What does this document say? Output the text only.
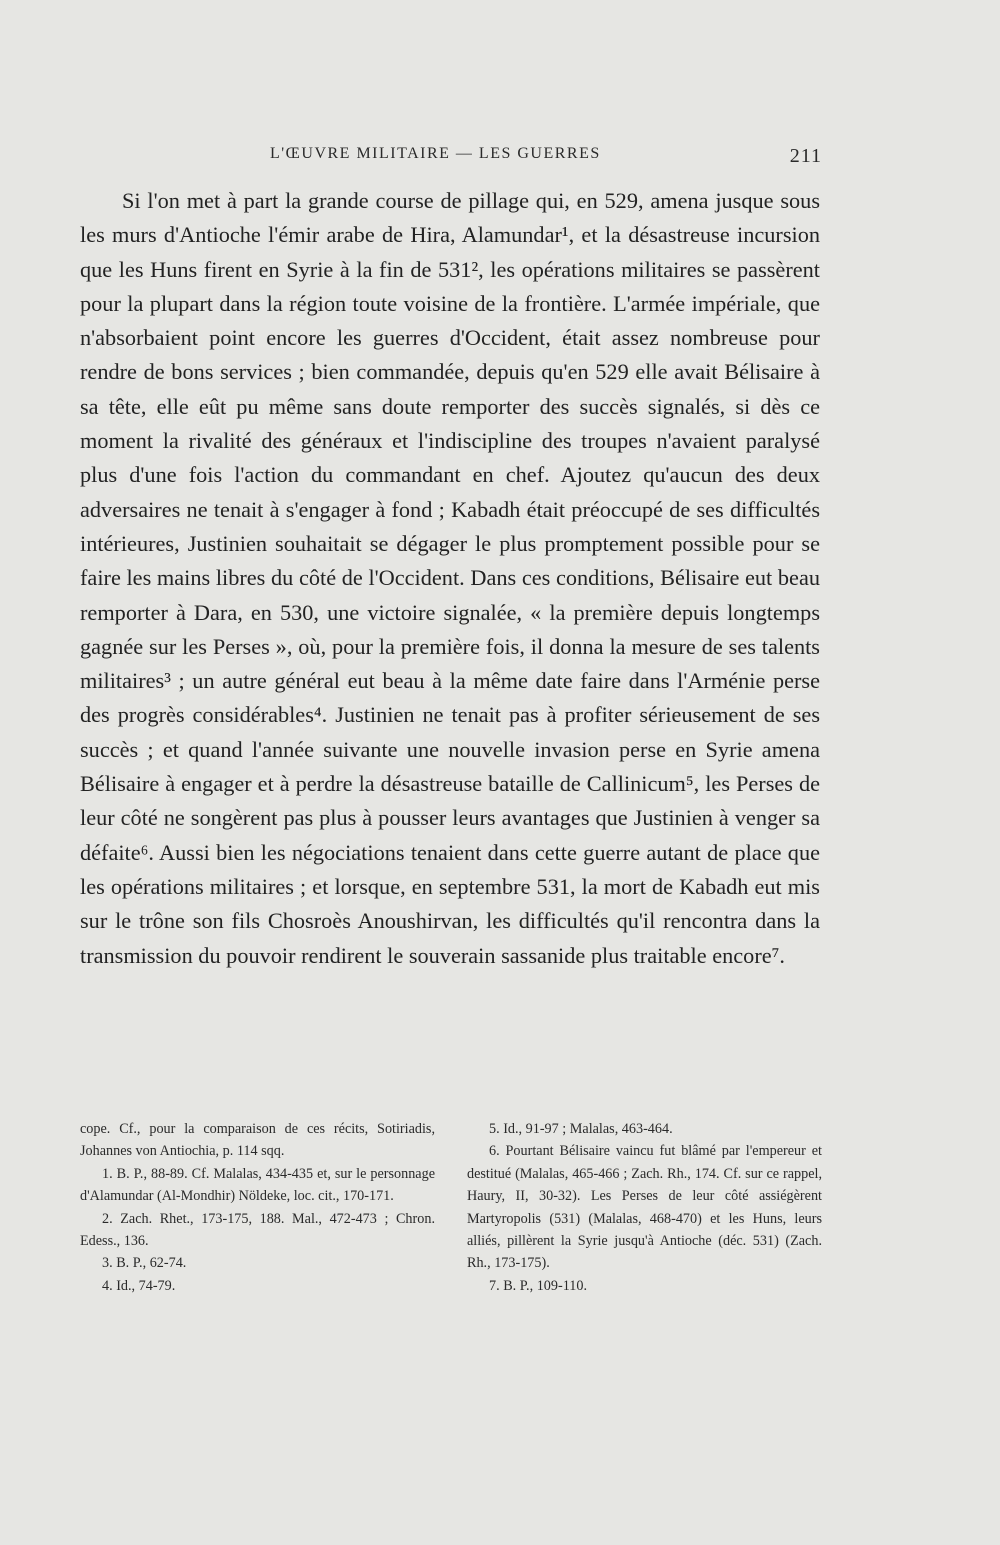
L'ŒUVRE MILITAIRE — LES GUERRES	211

Si l'on met à part la grande course de pillage qui, en 529, amena jusque sous les murs d'Antioche l'émir arabe de Hira, Alamundar¹, et la désastreuse incursion que les Huns firent en Syrie à la fin de 531², les opérations militaires se passèrent pour la plupart dans la région toute voisine de la frontière. L'armée impériale, que n'absorbaient point encore les guerres d'Occident, était assez nombreuse pour rendre de bons services ; bien commandée, depuis qu'en 529 elle avait Bélisaire à sa tête, elle eût pu même sans doute remporter des succès signalés, si dès ce moment la rivalité des généraux et l'indiscipline des troupes n'avaient paralysé plus d'une fois l'action du commandant en chef. Ajoutez qu'aucun des deux adversaires ne tenait à s'engager à fond ; Kabadh était préoccupé de ses difficultés intérieures, Justinien souhaitait se dégager le plus promptement possible pour se faire les mains libres du côté de l'Occident. Dans ces conditions, Bélisaire eut beau remporter à Dara, en 530, une victoire signalée, « la première depuis longtemps gagnée sur les Perses », où, pour la première fois, il donna la mesure de ses talents militaires³ ; un autre général eut beau à la même date faire dans l'Arménie perse des progrès considérables⁴. Justinien ne tenait pas à profiter sérieusement de ses succès ; et quand l'année suivante une nouvelle invasion perse en Syrie amena Bélisaire à engager et à perdre la désastreuse bataille de Callinicum⁵, les Perses de leur côté ne songèrent pas plus à pousser leurs avantages que Justinien à venger sa défaite⁶. Aussi bien les négociations tenaient dans cette guerre autant de place que les opérations militaires ; et lorsque, en septembre 531, la mort de Kabadh eut mis sur le trône son fils Chosroès Anoushirvan, les difficultés qu'il rencontra dans la transmission du pouvoir rendirent le souverain sassanide plus traitable encore⁷.

cope. Cf., pour la comparaison de ces récits, Sotiriadis, Johannes von Antiochia, p. 114 sqq.

1. B. P., 88-89. Cf. Malalas, 434-435 et, sur le personnage d'Alamundar (Al-Mondhir) Nöldeke, loc. cit., 170-171.

2. Zach. Rhet., 173-175, 188. Mal., 472-473 ; Chron. Edess., 136.

3. B. P., 62-74.

4. Id., 74-79.

5. Id., 91-97 ; Malalas, 463-464.

6. Pourtant Bélisaire vaincu fut blâmé par l'empereur et destitué (Malalas, 465-466 ; Zach. Rh., 174. Cf. sur ce rappel, Haury, II, 30-32). Les Perses de leur côté assiégèrent Martyropolis (531) (Malalas, 468-470) et les Huns, leurs alliés, pillèrent la Syrie jusqu'à Antioche (déc. 531) (Zach. Rh., 173-175).

7. B. P., 109-110.
